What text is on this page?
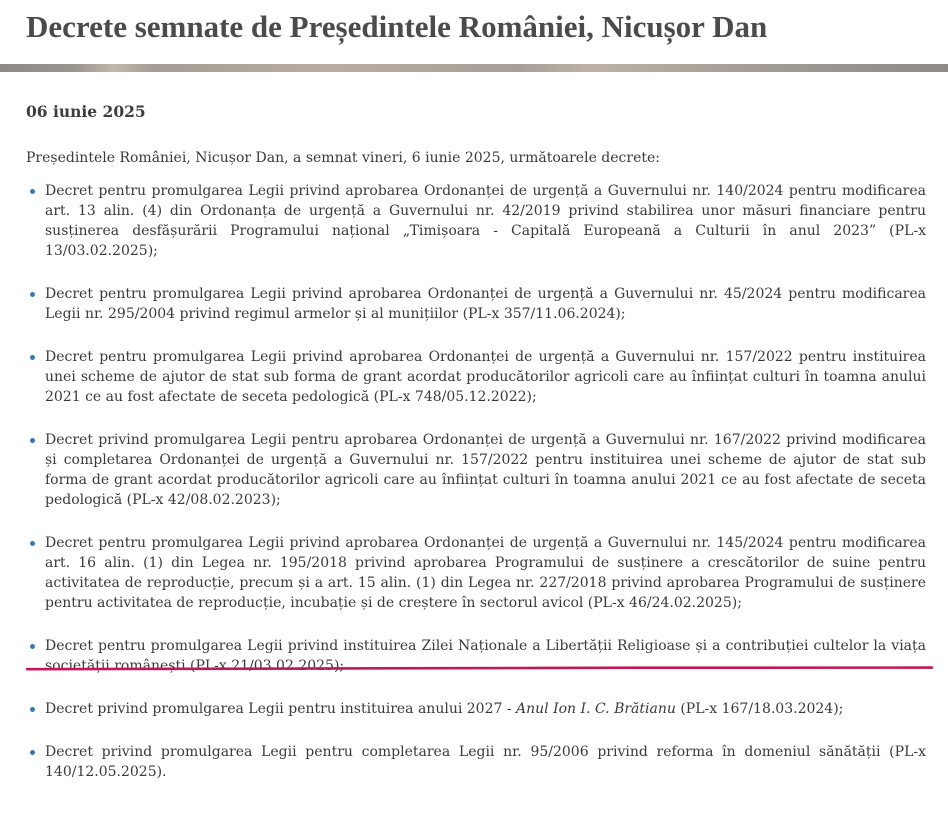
Decrete semnate de Președintele României, Nicușor Dan
06 iunie 2025

Președintele României, Nicușor Dan, a semnat vineri, 6 iunie 2025, următoarele decrete:

Decret pentru promulgarea Legii privind aprobarea Ordonanței de urgență a Guvernului nr. 140/2024 pentru modificarea art. 13 alin. (4) din Ordonanța de urgență a Guvernului nr. 42/2019 privind stabilirea unor măsuri financiare pentru susținerea desfășurării Programului național „Timișoara - Capitală Europeană a Culturii în anul 2023” (PL-x 13/03.02.2025);
Decret pentru promulgarea Legii privind aprobarea Ordonanței de urgență a Guvernului nr. 45/2024 pentru modificarea Legii nr. 295/2004 privind regimul armelor și al munițiilor (PL-x 357/11.06.2024);
Decret pentru promulgarea Legii privind aprobarea Ordonanței de urgență a Guvernului nr. 157/2022 pentru instituirea unei scheme de ajutor de stat sub forma de grant acordat producătorilor agricoli care au înființat culturi în toamna anului 2021 ce au fost afectate de seceta pedologică (PL-x 748/05.12.2022);
Decret privind promulgarea Legii pentru aprobarea Ordonanței de urgență a Guvernului nr. 167/2022 privind modificarea și completarea Ordonanței de urgență a Guvernului nr. 157/2022 pentru instituirea unei scheme de ajutor de stat sub forma de grant acordat producătorilor agricoli care au înființat culturi în toamna anului 2021 ce au fost afectate de seceta pedologică (PL-x 42/08.02.2023);
Decret pentru promulgarea Legii privind aprobarea Ordonanței de urgență a Guvernului nr. 145/2024 pentru modificarea art. 16 alin. (1) din Legea nr. 195/2018 privind aprobarea Programului de susținere a crescătorilor de suine pentru activitatea de reproducție, precum și a art. 15 alin. (1) din Legea nr. 227/2018 privind aprobarea Programului de susținere pentru activitatea de reproducție, incubație și de creștere în sectorul avicol (PL-x 46/24.02.2025);
Decret pentru promulgarea Legii privind instituirea Zilei Naționale a Libertății Religioase și a contribuției cultelor la viața societății românești (PL-x 21/03.02.2025);
Decret privind promulgarea Legii pentru instituirea anului 2027 - Anul Ion I. C. Brătianu (PL-x 167/18.03.2024);
Decret privind promulgarea Legii pentru completarea Legii nr. 95/2006 privind reforma în domeniul sănătății (PL-x 140/12.05.2025).
